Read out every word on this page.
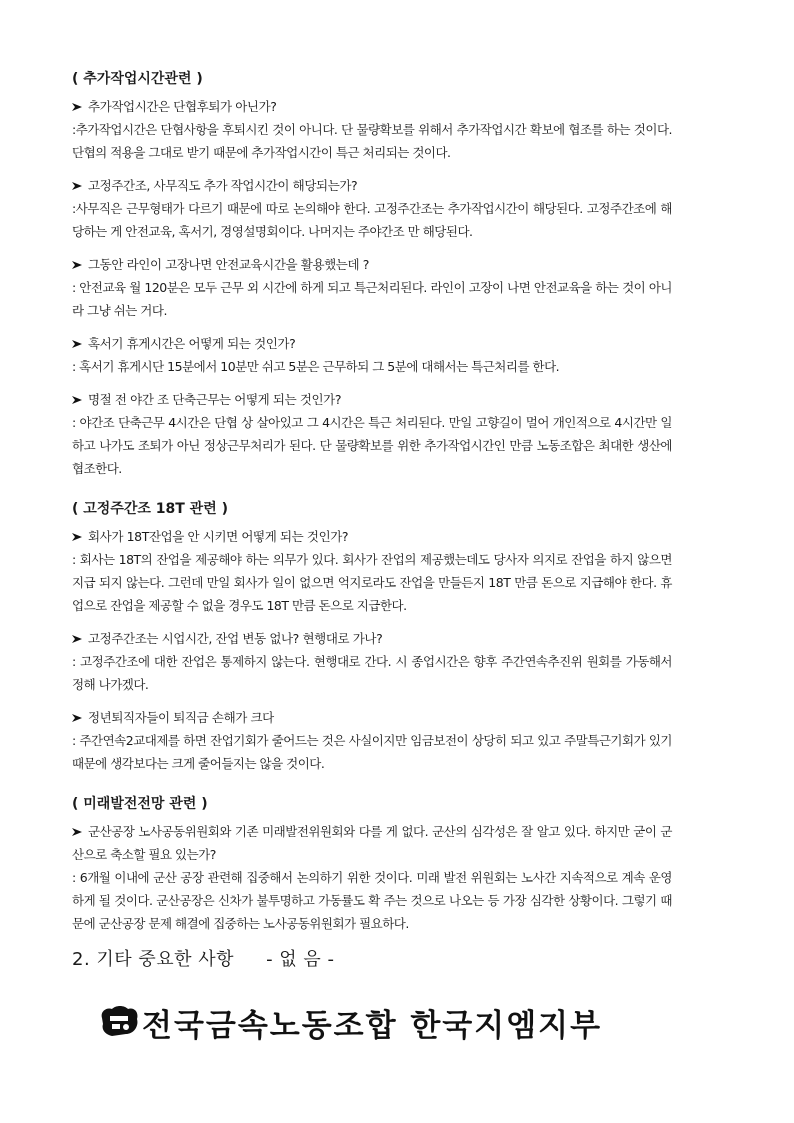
( 추가작업시간관련 )
추가작업시간은 단협후퇴가 아닌가?
:추가작업시간은 단협사항을 후퇴시킨 것이 아니다. 단 물량확보를 위해서 추가작업시간 확보에 협조를 하는 것이다. 단협의 적용을 그대로 받기 때문에 추가작업시간이 특근 처리되는 것이다.
고정주간조, 사무직도 추가 작업시간이 해당되는가?
:사무직은 근무형태가 다르기 때문에 따로 논의해야 한다. 고정주간조는 추가작업시간이 해당된다. 고정주간조에 해당하는 게 안전교육, 혹서기, 경영설명회이다. 나머지는 주야간조 만 해당된다.
그동안 라인이 고장나면 안전교육시간을 활용했는데 ?
: 안전교육 월 120분은 모두 근무 외 시간에 하게 되고 특근처리된다. 라인이 고장이 나면 안전교육을 하는 것이 아니라 그냥 쉬는 거다.
혹서기 휴게시간은 어떻게 되는 것인가?
: 혹서기 휴게시단 15분에서 10분만 쉬고 5분은 근무하되 그 5분에 대해서는 특근처리를 한다.
명절 전 야간 조 단축근무는 어떻게 되는 것인가?
: 야간조 단축근무 4시간은 단협 상 살아있고 그 4시간은 특근 처리된다. 만일 고향길이 멀어 개인적으로 4시간만 일하고 나가도 조퇴가 아닌 정상근무처리가 된다. 단 물량확보를 위한 추가작업시간인 만큼 노동조합은 최대한 생산에 협조한다.
( 고정주간조 18T 관련 )
회사가 18T잔업을 안 시키면 어떻게 되는 것인가?
: 회사는 18T의 잔업을 제공해야 하는 의무가 있다. 회사가 잔업의 제공했는데도 당사자 의지로 잔업을 하지 않으면 지급 되지 않는다. 그런데 만일 회사가 일이 없으면 억지로라도 잔업을 만들든지 18T 만큼 돈으로 지급해야 한다. 휴업으로 잔업을 제공할 수 없을 경우도 18T 만큼 돈으로 지급한다.
고정주간조는 시업시간, 잔업 변동 없나? 현행대로 가나?
: 고정주간조에 대한 잔업은 통제하지 않는다. 현행대로 간다. 시 종업시간은 향후 주간연속추진위 원회를 가동해서 정해 나가겠다.
정년퇴직자들이 퇴직금 손해가 크다
: 주간연속2교대제를 하면 잔업기회가 줄어드는 것은 사실이지만 임금보전이 상당히 되고 있고 주말특근기회가 있기 때문에 생각보다는 크게 줄어들지는 않을 것이다.
( 미래발전전망 관련 )
군산공장 노사공동위원회와 기존 미래발전위원회와 다를 게 없다. 군산의 심각성은 잘 알고 있다. 하지만 굳이 군산으로 축소할 필요 있는가?
: 6개월 이내에 군산 공장 관련해 집중해서 논의하기 위한 것이다. 미래 발전 위원회는 노사간 지속적으로 계속 운영하게 될 것이다. 군산공장은 신차가 불투명하고 가동률도 확 주는 것으로 나오는 등 가장 심각한 상황이다. 그렇기 때문에 군산공장 문제 해결에 집중하는 노사공동위원회가 필요하다.
2. 기타 중요한 사항 - 없 음 -
전국금속노동조합 한국지엠지부
